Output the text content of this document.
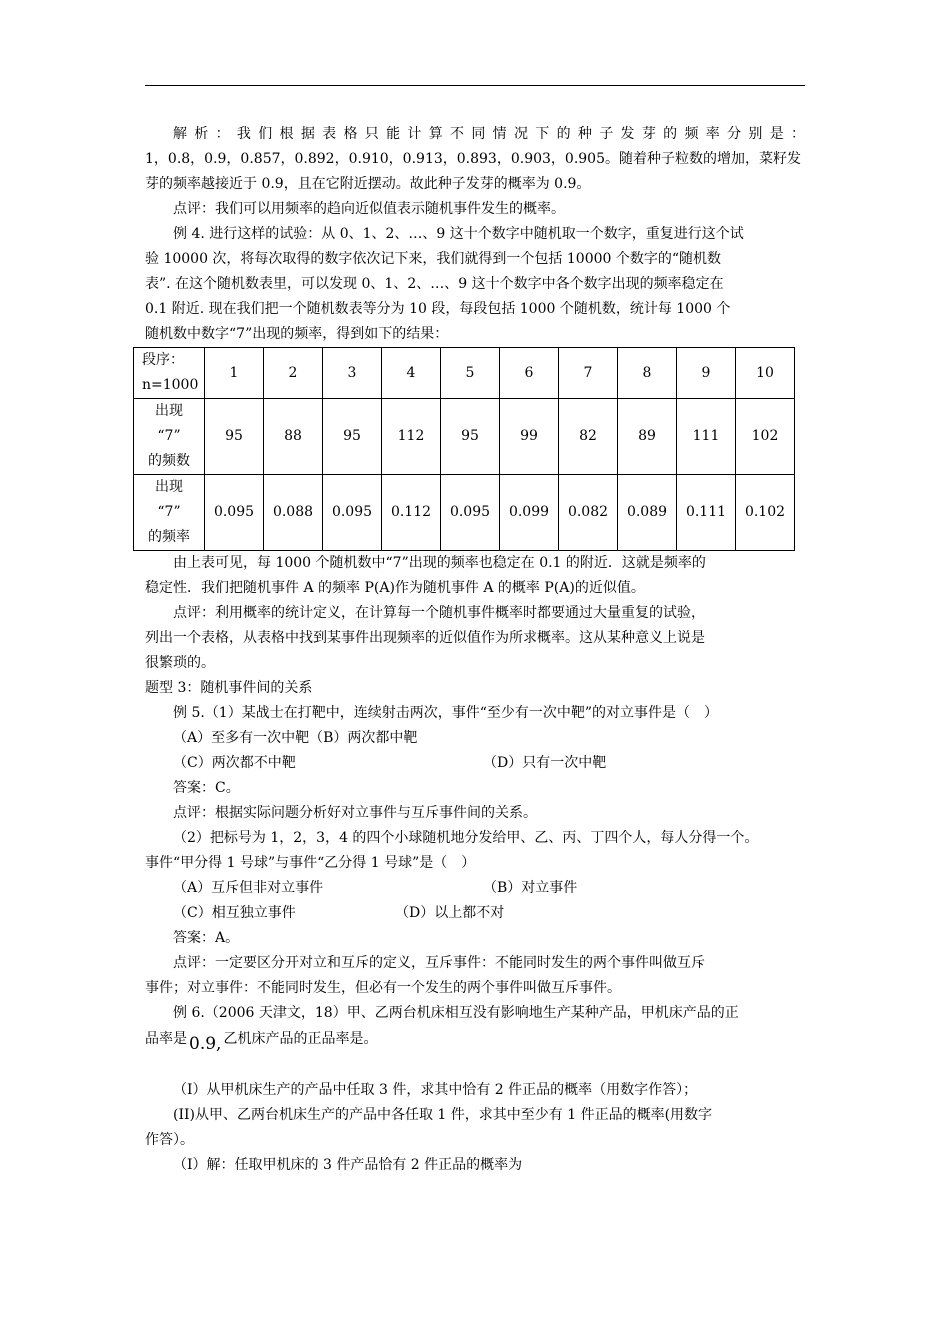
解析：我们根据表格只能计算不同情况下的种子发芽的频率分别是：

1，0.8，0.9，0.857，0.892，0.910，0.913，0.893，0.903，0.905。随着种子粒数的增加，菜籽发

芽的频率越接近于 0.9，且在它附近摆动。故此种子发芽的概率为 0.9。

点评：我们可以用频率的趋向近似值表示随机事件发生的概率。

例 4. 进行这样的试验：从 0、1、2、…、9 这十个数字中随机取一个数字，重复进行这个试

验 10000 次，将每次取得的数字依次记下来，我们就得到一个包括 10000 个数字的“随机数

表”. 在这个随机数表里，可以发现 0、1、2、…、9 这十个数字中各个数字出现的频率稳定在

0.1 附近. 现在我们把一个随机数表等分为 10 段，每段包括 1000 个随机数，统计每 1000 个

随机数中数字“7”出现的频率，得到如下的结果：

段序：
n=1000	1	2	3	4	5	6	7	8	9	10

出现
“7”
的频数	95	88	95	112	95	99	82	89	111	102

出现
“7”
的频率	0.095	0.088	0.095	0.112	0.095	0.099	0.082	0.089	0.111	0.102

由上表可见，每 1000 个随机数中“7”出现的频率也稳定在 0.1 的附近．这就是频率的

稳定性．我们把随机事件 A 的频率 P(A)作为随机事件 A 的概率 P(A)的近似值。

点评：利用概率的统计定义，在计算每一个随机事件概率时都要通过大量重复的试验，

列出一个表格，从表格中找到某事件出现频率的近似值作为所求概率。这从某种意义上说是

很繁琐的。

题型 3：随机事件间的关系

例 5.（1）某战士在打靶中，连续射击两次，事件“至少有一次中靶”的对立事件是（　）

（A）至多有一次中靶（B）两次都中靶

（C）两次都不中靶	（D）只有一次中靶

答案：C。

点评：根据实际问题分析好对立事件与互斥事件间的关系。

（2）把标号为 1，2，3，4 的四个小球随机地分发给甲、乙、丙、丁四个人，每人分得一个。

事件“甲分得 1 号球”与事件“乙分得 1 号球”是（　）

（A）互斥但非对立事件	（B）对立事件
（C）相互独立事件	（D）以上都不对

答案：A。

点评：一定要区分开对立和互斥的定义，互斥事件：不能同时发生的两个事件叫做互斥

事件；对立事件：不能同时发生，但必有一个发生的两个事件叫做互斥事件。

例 6.（2006 天津文，18）甲、乙两台机床相互没有影响地生产某种产品，甲机床产品的正

品率是 0.9, 乙机床产品的正品率是。

（I）从甲机床生产的产品中任取 3 件，求其中恰有 2 件正品的概率（用数字作答）；

(II)从甲、乙两台机床生产的产品中各任取 1 件，求其中至少有 1 件正品的概率(用数字

作答）。

（I）解：任取甲机床的 3 件产品恰有 2 件正品的概率为
